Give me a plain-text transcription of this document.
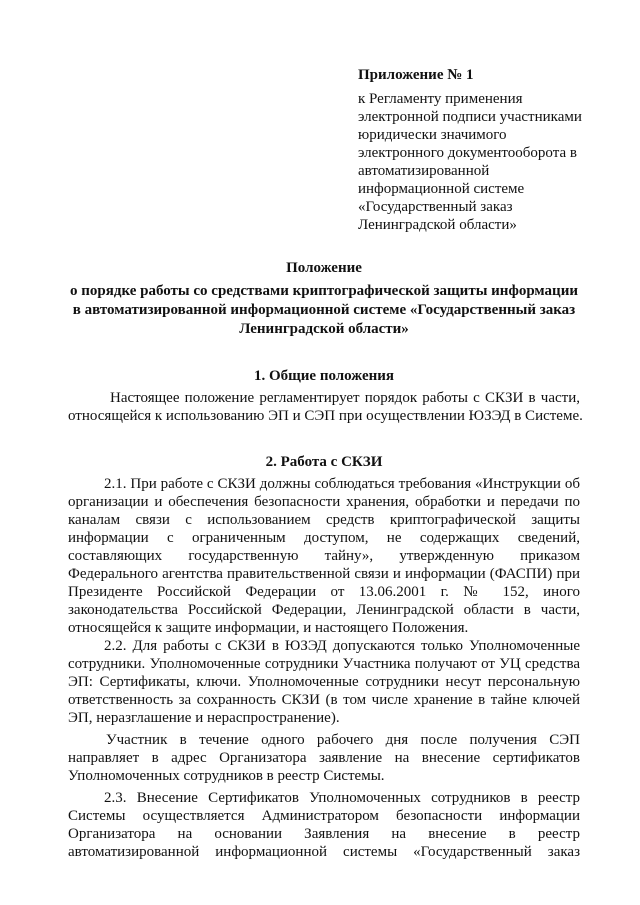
Приложение № 1
к Регламенту применения
электронной подписи участниками
юридически значимого
электронного документооборота в
автоматизированной
информационной системе
«Государственный заказ
Ленинградской области»
Положение
о порядке работы со средствами криптографической защиты информации
в автоматизированной информационной системе «Государственный заказ
Ленинградской области»
1. Общие положения
Настоящее положение регламентирует порядок работы с СКЗИ в части,
относящейся к использованию ЭП и СЭП при осуществлении ЮЗЭД в Системе.
2. Работа с СКЗИ
2.1. При работе с СКЗИ должны соблюдаться требования «Инструкции об
организации и обеспечения безопасности хранения, обработки и передачи по
каналам связи с использованием средств криптографической защиты
информации с ограниченным доступом, не содержащих сведений,
составляющих государственную тайну», утвержденную приказом
Федерального агентства правительственной связи и информации (ФАСПИ) при
Президенте Российской Федерации от 13.06.2001 г. № 152, иного
законодательства Российской Федерации, Ленинградской области в части,
относящейся к защите информации, и настоящего Положения.
2.2. Для работы с СКЗИ в ЮЗЭД допускаются только Уполномоченные
сотрудники. Уполномоченные сотрудники Участника получают от УЦ средства
ЭП: Сертификаты, ключи. Уполномоченные сотрудники несут персональную
ответственность за сохранность СКЗИ (в том числе хранение в тайне ключей
ЭП, неразглашение и нераспространение).
Участник в течение одного рабочего дня после получения СЭП
направляет в адрес Организатора заявление на внесение сертификатов
Уполномоченных сотрудников в реестр Системы.
2.3. Внесение Сертификатов Уполномоченных сотрудников в реестр
Системы осуществляется Администратором безопасности информации
Организатора на основании Заявления на внесение в реестр
автоматизированной информационной системы «Государственный заказ
